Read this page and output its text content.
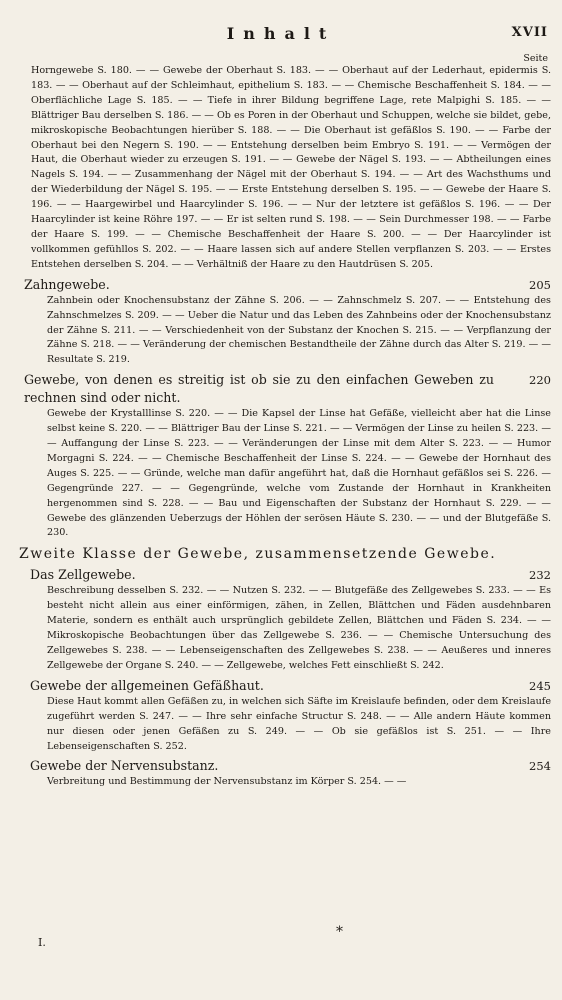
Inhalt	XVII
Seite

Horngewebe S. 180. — — Gewebe der Oberhaut S. 183. — — Oberhaut auf der Lederhaut, epidermis S. 183. — — Oberhaut auf der Schleimhaut, epithelium S. 183. — — Chemische Beschaffenheit S. 184. — — Oberflächliche Lage S. 185. — — Tiefe in ihrer Bildung begriffene Lage, rete Malpighi S. 185. — — Blättriger Bau derselben S. 186. — — Ob es Poren in der Oberhaut und Schuppen, welche sie bildet, gebe, mikroskopische Beobachtungen hierüber S. 188. — — Die Oberhaut ist gefäßlos S. 190. — — Farbe der Oberhaut bei den Negern S. 190. — — Entstehung derselben beim Embryo S. 191. — — Vermögen der Haut, die Oberhaut wieder zu erzeugen S. 191. — — Gewebe der Nägel S. 193. — — Abtheilungen eines Nagels S. 194. — — Zusammenhang der Nägel mit der Oberhaut S. 194. — — Art des Wachsthums und der Wiederbildung der Nägel S. 195. — — Erste Entstehung derselben S. 195. — — Gewebe der Haare S. 196. — — Haargewirbel und Haarcylinder S. 196. — — Nur der letztere ist gefäßlos S. 196. — — Der Haarcylinder ist keine Röhre 197. — — Er ist selten rund S. 198. — — Sein Durchmesser 198. — — Farbe der Haare S. 199. — — Chemische Beschaffenheit der Haare S. 200. — — Der Haarcylinder ist vollkommen gefühllos S. 202. — — Haare lassen sich auf andere Stellen verpflanzen S. 203. — — Erstes Entstehen derselben S. 204. — — Verhältniß der Haare zu den Hautdrüsen S. 205.

Zahngewebe.	205

Zahnbein oder Knochensubstanz der Zähne S. 206. — — Zahnschmelz S. 207. — — Entstehung des Zahnschmelzes S. 209. — — Ueber die Natur und das Leben des Zahnbeins oder der Knochensubstanz der Zähne S. 211. — — Verschiedenheit von der Substanz der Knochen S. 215. — — Verpflanzung der Zähne S. 218. — — Veränderung der chemischen Bestandtheile der Zähne durch das Alter S. 219. — — Resultate S. 219.

Gewebe, von denen es streitig ist ob sie zu den einfachen Geweben zu rechnen sind oder nicht.
220

Gewebe der Krystalllinse S. 220. — — Die Kapsel der Linse hat Gefäße, vielleicht aber hat die Linse selbst keine S. 220. — — Blättriger Bau der Linse S. 221. — — Vermögen der Linse zu heilen S. 223. — — Auffangung der Linse S. 223. — — Veränderungen der Linse mit dem Alter S. 223. — — Humor Morgagni S. 224. — — Chemische Beschaffenheit der Linse S. 224. — — Gewebe der Hornhaut des Auges S. 225. — — Gründe, welche man dafür angeführt hat, daß die Hornhaut gefäßlos sei S. 226. — Gegengründe 227. — — Gegengründe, welche vom Zustande der Hornhaut in Krankheiten hergenommen sind S. 228. — — Bau und Eigenschaften der Substanz der Hornhaut S. 229. — — Gewebe des glänzenden Ueberzugs der Höhlen der serösen Häute S. 230. — — und der Blutgefäße S. 230.

Zweite Klasse der Gewebe, zusammensetzende Gewebe.
Das Zellgewebe.	232

Beschreibung desselben S. 232. — — Nutzen S. 232. — — Blutgefäße des Zellgewebes S. 233. — — Es besteht nicht allein aus einer einförmigen, zähen, in Zellen, Blättchen und Fäden ausdehnbaren Materie, sondern es enthält auch ursprünglich gebildete Zellen, Blättchen und Fäden S. 234. — — Mikroskopische Beobachtungen über das Zellgewebe S. 236. — — Chemische Untersuchung des Zellgewebes S. 238. — — Lebenseigenschaften des Zellgewebes S. 238. — — Aeußeres und inneres Zellgewebe der Organe S. 240. — — Zellgewebe, welches Fett einschließt S. 242.

Gewebe der allgemeinen Gefäßhaut.	245

Diese Haut kommt allen Gefäßen zu, in welchen sich Säfte im Kreislaufe befinden, oder dem Kreislaufe zugeführt werden S. 247. — — Ihre sehr einfache Structur S. 248. — — Alle andern Häute kommen nur diesen oder jenen Gefäßen zu S. 249. — — Ob sie gefäßlos ist S. 251. — — Ihre Lebenseigenschaften S. 252.

Gewebe der Nervensubstanz.	254

Verbreitung und Bestimmung der Nervensubstanz im Körper S. 254. — —

*
I.
